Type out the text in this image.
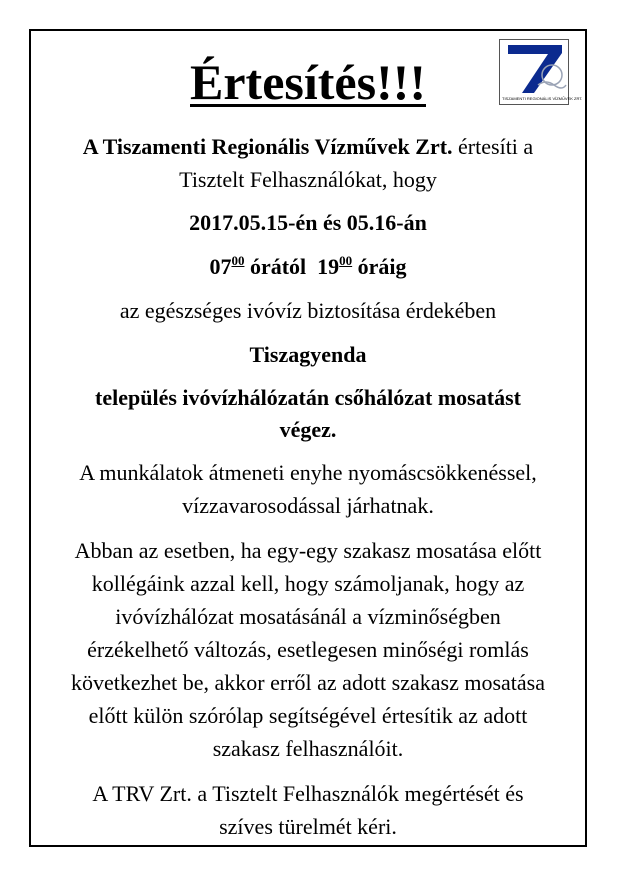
TISZAMENTI REGIONÁLIS VÍZMŰVEK ZRT.
Értesítés!!!

A Tiszamenti Regionális Vízművek Zrt. értesíti a

Tisztelt Felhasználókat, hogy

2017.05.15-én és 05.16-án

$07^{00}$ órától  $19^{00}$ óráig

az egészséges ivóvíz biztosítása érdekében

Tiszagyenda

település ivóvízhálózatán csőhálózat mosatást

végez.

A munkálatok átmeneti enyhe nyomáscsökkenéssel,

vízzavarosodással járhatnak.

Abban az esetben, ha egy-egy szakasz mosatása előtt

kollégáink azzal kell, hogy számoljanak, hogy az

ivóvízhálózat mosatásánál a vízminőségben

érzékelhető változás, esetlegesen minőségi romlás

következhet be, akkor erről az adott szakasz mosatása

előtt külön szórólap segítségével értesítik az adott

szakasz felhasználóit.

A TRV Zrt. a Tisztelt Felhasználók megértését és

szíves türelmét kéri.
